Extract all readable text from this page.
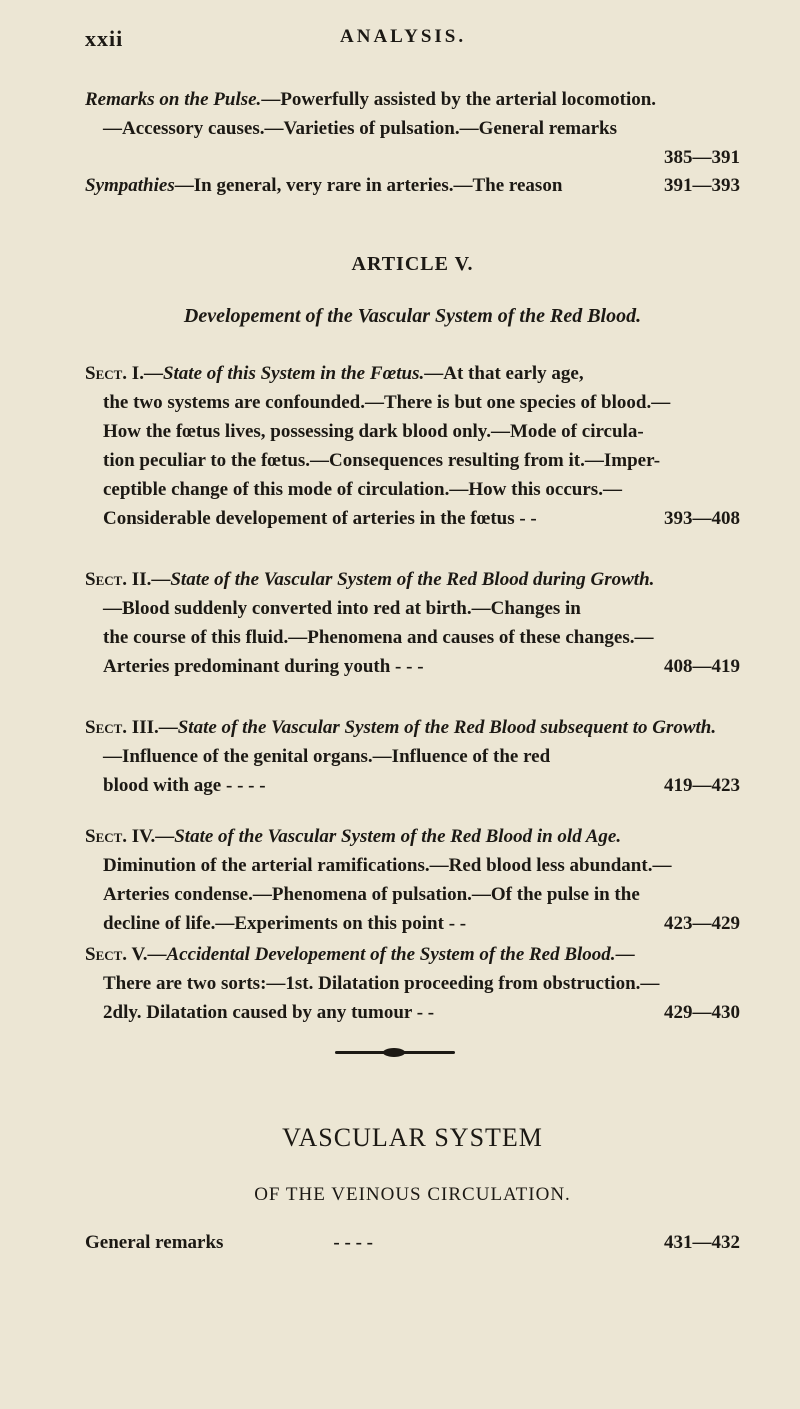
xxii	ANALYSIS.
Remarks on the Pulse.—Powerfully assisted by the arterial locomotion.
—Accessory causes.—Varieties of pulsation.—General remarks
385—391
Sympathies—In general, very rare in arteries.—The reason	391—393
ARTICLE V.
Developement of the Vascular System of the Red Blood.
Sect. I.—State of this System in the Fœtus.—At that early age,
the two systems are confounded.—There is but one species of blood.—
How the fœtus lives, possessing dark blood only.—Mode of circula-
tion peculiar to the fœtus.—Consequences resulting from it.—Imper-
ceptible change of this mode of circulation.—How this occurs.—
Considerable developement of arteries in the fœtus - -	393—408
Sect. II.—State of the Vascular System of the Red Blood during Growth.
—Blood suddenly converted into red at birth.—Changes in
the course of this fluid.—Phenomena and causes of these changes.—
Arteries predominant during youth - - -	408—419
Sect. III.—State of the Vascular System of the Red Blood subsequent to Growth.
—Influence of the genital organs.—Influence of the red
blood with age - - - -	419—423
Sect. IV.—State of the Vascular System of the Red Blood in old Age.
Diminution of the arterial ramifications.—Red blood less abundant.—
Arteries condense.—Phenomena of pulsation.—Of the pulse in the
decline of life.—Experiments on this point - -	423—429
Sect. V.—Accidental Developement of the System of the Red Blood.—
There are two sorts:—1st. Dilatation proceeding from obstruction.—
2dly. Dilatation caused by any tumour - -	429—430
VASCULAR SYSTEM
OF THE VEINOUS CIRCULATION.
General remarks	- - - -	431—432
